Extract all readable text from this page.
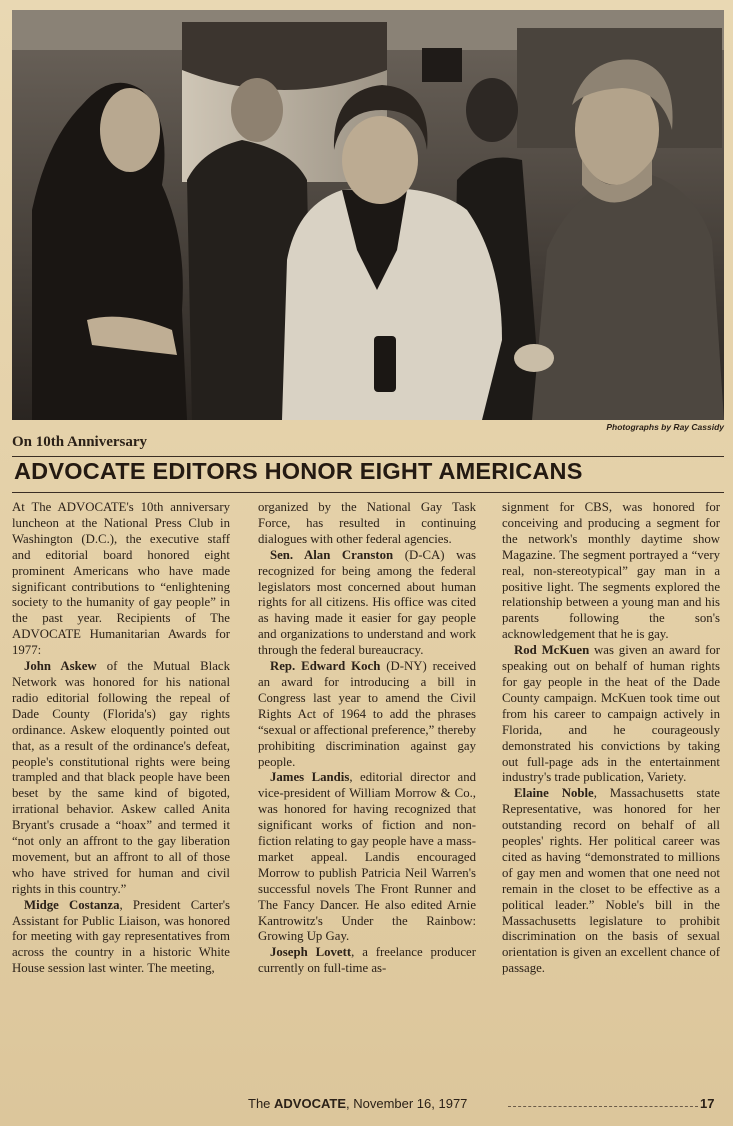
Photographs by Ray Cassidy
On 10th Anniversary
ADVOCATE EDITORS HONOR EIGHT AMERICANS

At The ADVOCATE's 10th anniversary luncheon at the National Press Club in Washington (D.C.), the executive staff and editorial board honored eight prominent Americans who have made significant contributions to “enlightening society to the humanity of gay people” in the past year. Recipients of The ADVOCATE Humanitarian Awards for 1977:

John Askew of the Mutual Black Network was honored for his national radio editorial following the repeal of Dade County (Florida's) gay rights ordinance. Askew eloquently pointed out that, as a result of the ordinance's defeat, people's constitutional rights were being trampled and that black people have been beset by the same kind of bigoted, irrational behavior. Askew called Anita Bryant's crusade a “hoax” and termed it “not only an affront to the gay liberation movement, but an affront to all of those who have strived for human and civil rights in this country.”

Midge Costanza, President Carter's Assistant for Public Liaison, was honored for meeting with gay representatives from across the country in a historic White House session last winter. The meeting,

organized by the National Gay Task Force, has resulted in continuing dialogues with other federal agencies.

Sen. Alan Cranston (D-CA) was recognized for being among the federal legislators most concerned about human rights for all citizens. His office was cited as having made it easier for gay people and organizations to understand and work through the federal bureaucracy.

Rep. Edward Koch (D-NY) received an award for introducing a bill in Congress last year to amend the Civil Rights Act of 1964 to add the phrases “sexual or affectional preference,” thereby prohibiting discrimination against gay people.

James Landis, editorial director and vice-president of William Morrow & Co., was honored for having recognized that significant works of fiction and non-fiction relating to gay people have a mass-market appeal. Landis encouraged Morrow to publish Patricia Neil Warren's successful novels The Front Runner and The Fancy Dancer. He also edited Arnie Kantrowitz's Under the Rainbow: Growing Up Gay.

Joseph Lovett, a freelance producer currently on full-time as-

signment for CBS, was honored for conceiving and producing a segment for the network's monthly daytime show Magazine. The segment portrayed a “very real, non-stereotypical” gay man in a positive light. The segments explored the relationship between a young man and his parents following the son's acknowledgement that he is gay.

Rod McKuen was given an award for speaking out on behalf of human rights for gay people in the heat of the Dade County campaign. McKuen took time out from his career to campaign actively in Florida, and he courageously demonstrated his convictions by taking out full-page ads in the entertainment industry's trade publication, Variety.

Elaine Noble, Massachusetts state Representative, was honored for her outstanding record on behalf of all peoples' rights. Her political career was cited as having “demonstrated to millions of gay men and women that one need not remain in the closet to be effective as a political leader.” Noble's bill in the Massachusetts legislature to prohibit discrimination on the basis of sexual orientation is given an excellent chance of passage.

The ADVOCATE, November 16, 1977	17
